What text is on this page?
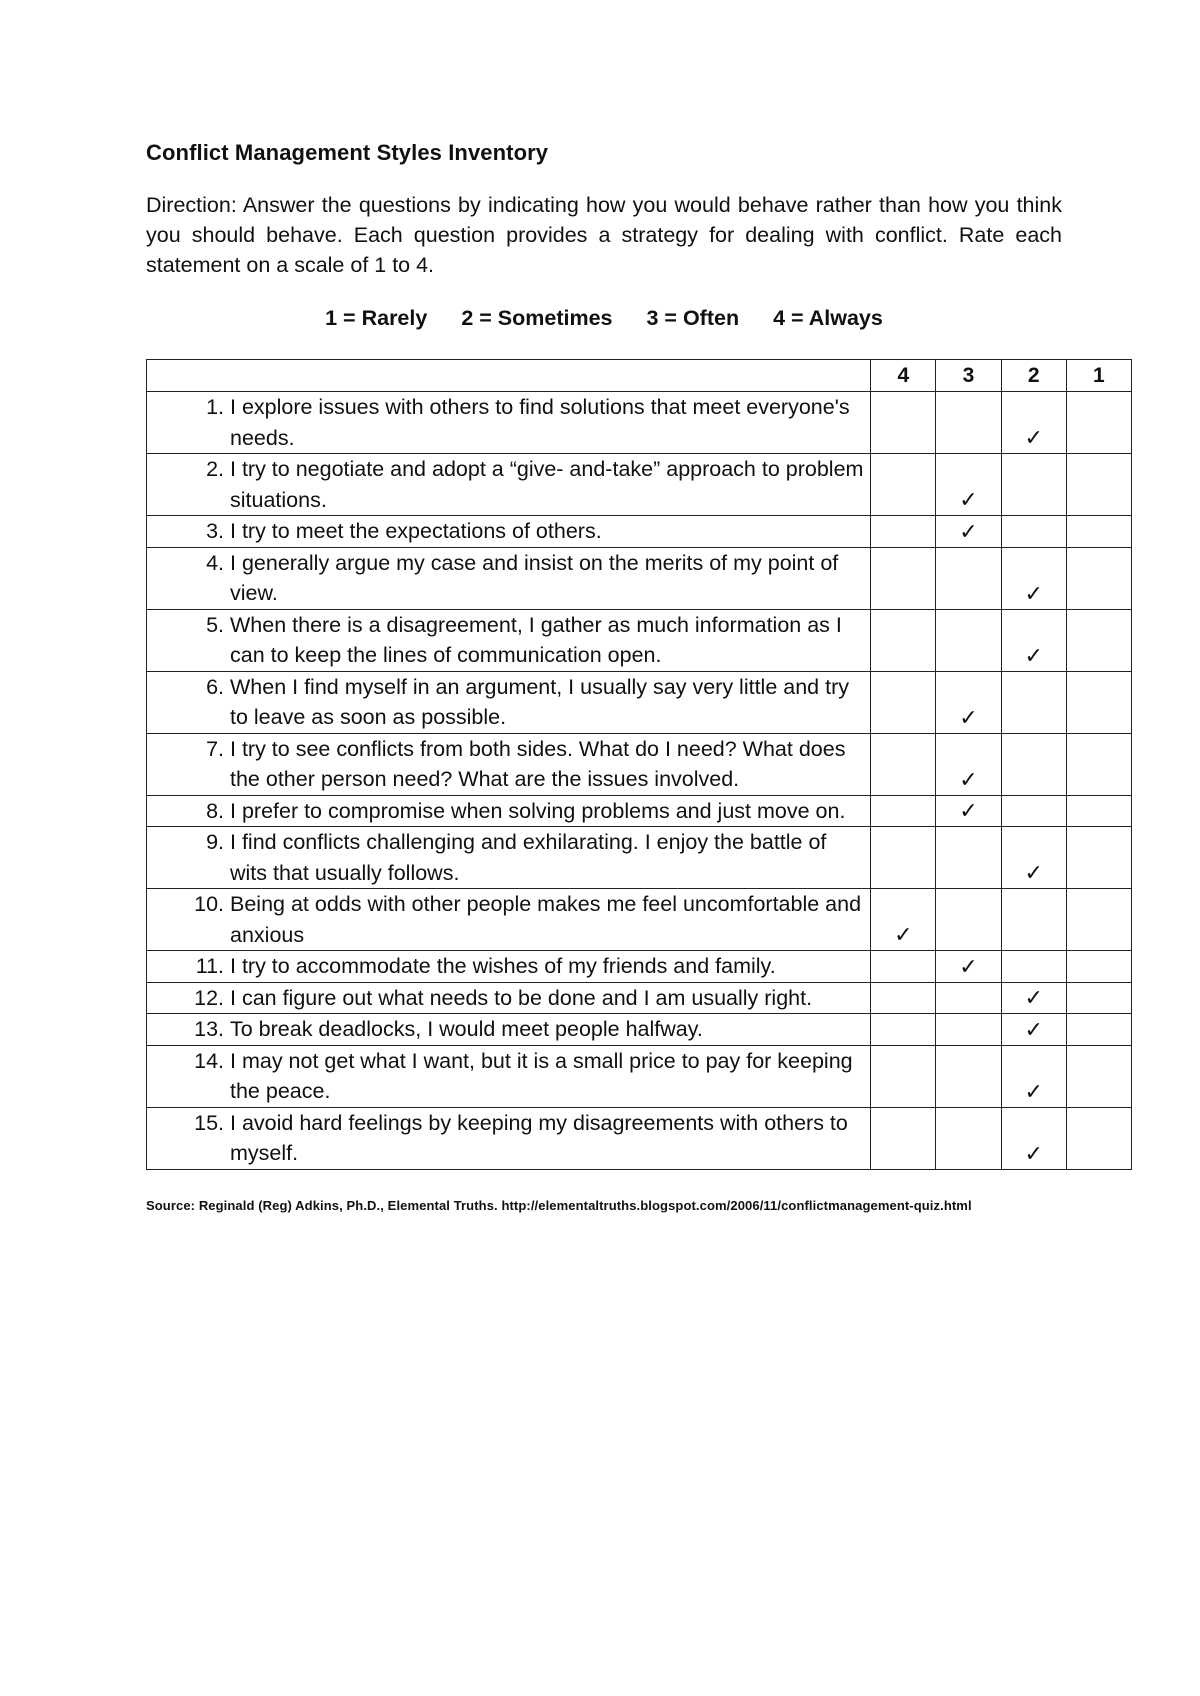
Conflict Management Styles Inventory
Direction: Answer the questions by indicating how you would behave rather than how you think you should behave. Each question provides a strategy for dealing with conflict. Rate each statement on a scale of 1 to 4.
1 = Rarely 2 = Sometimes 3 = Often 4 = Always
	4	3	2	1

1. I explore issues with others to find solutions that meet everyone's needs.			✓	

2. I try to negotiate and adopt a “give- and-take” approach to problem situations.		✓		

3. I try to meet the expectations of others.		✓		

4. I generally argue my case and insist on the merits of my point of view.			✓	

5. When there is a disagreement, I gather as much information as I can to keep the lines of communication open.			✓	

6. When I find myself in an argument, I usually say very little and try to leave as soon as possible.		✓		

7. I try to see conflicts from both sides. What do I need? What does the other person need? What are the issues involved.		✓		

8. I prefer to compromise when solving problems and just move on.		✓		

9. I find conflicts challenging and exhilarating. I enjoy the battle of wits that usually follows.			✓	

10. Being at odds with other people makes me feel uncomfortable and anxious	✓			

11. I try to accommodate the wishes of my friends and family.		✓		

12. I can figure out what needs to be done and I am usually right.			✓	

13. To break deadlocks, I would meet people halfway.			✓	

14. I may not get what I want, but it is a small price to pay for keeping the peace.			✓	

15. I avoid hard feelings by keeping my disagreements with others to myself.			✓	
Source: Reginald (Reg) Adkins, Ph.D., Elemental Truths. http://elementaltruths.blogspot.com/2006/11/conflictmanagement-quiz.html
